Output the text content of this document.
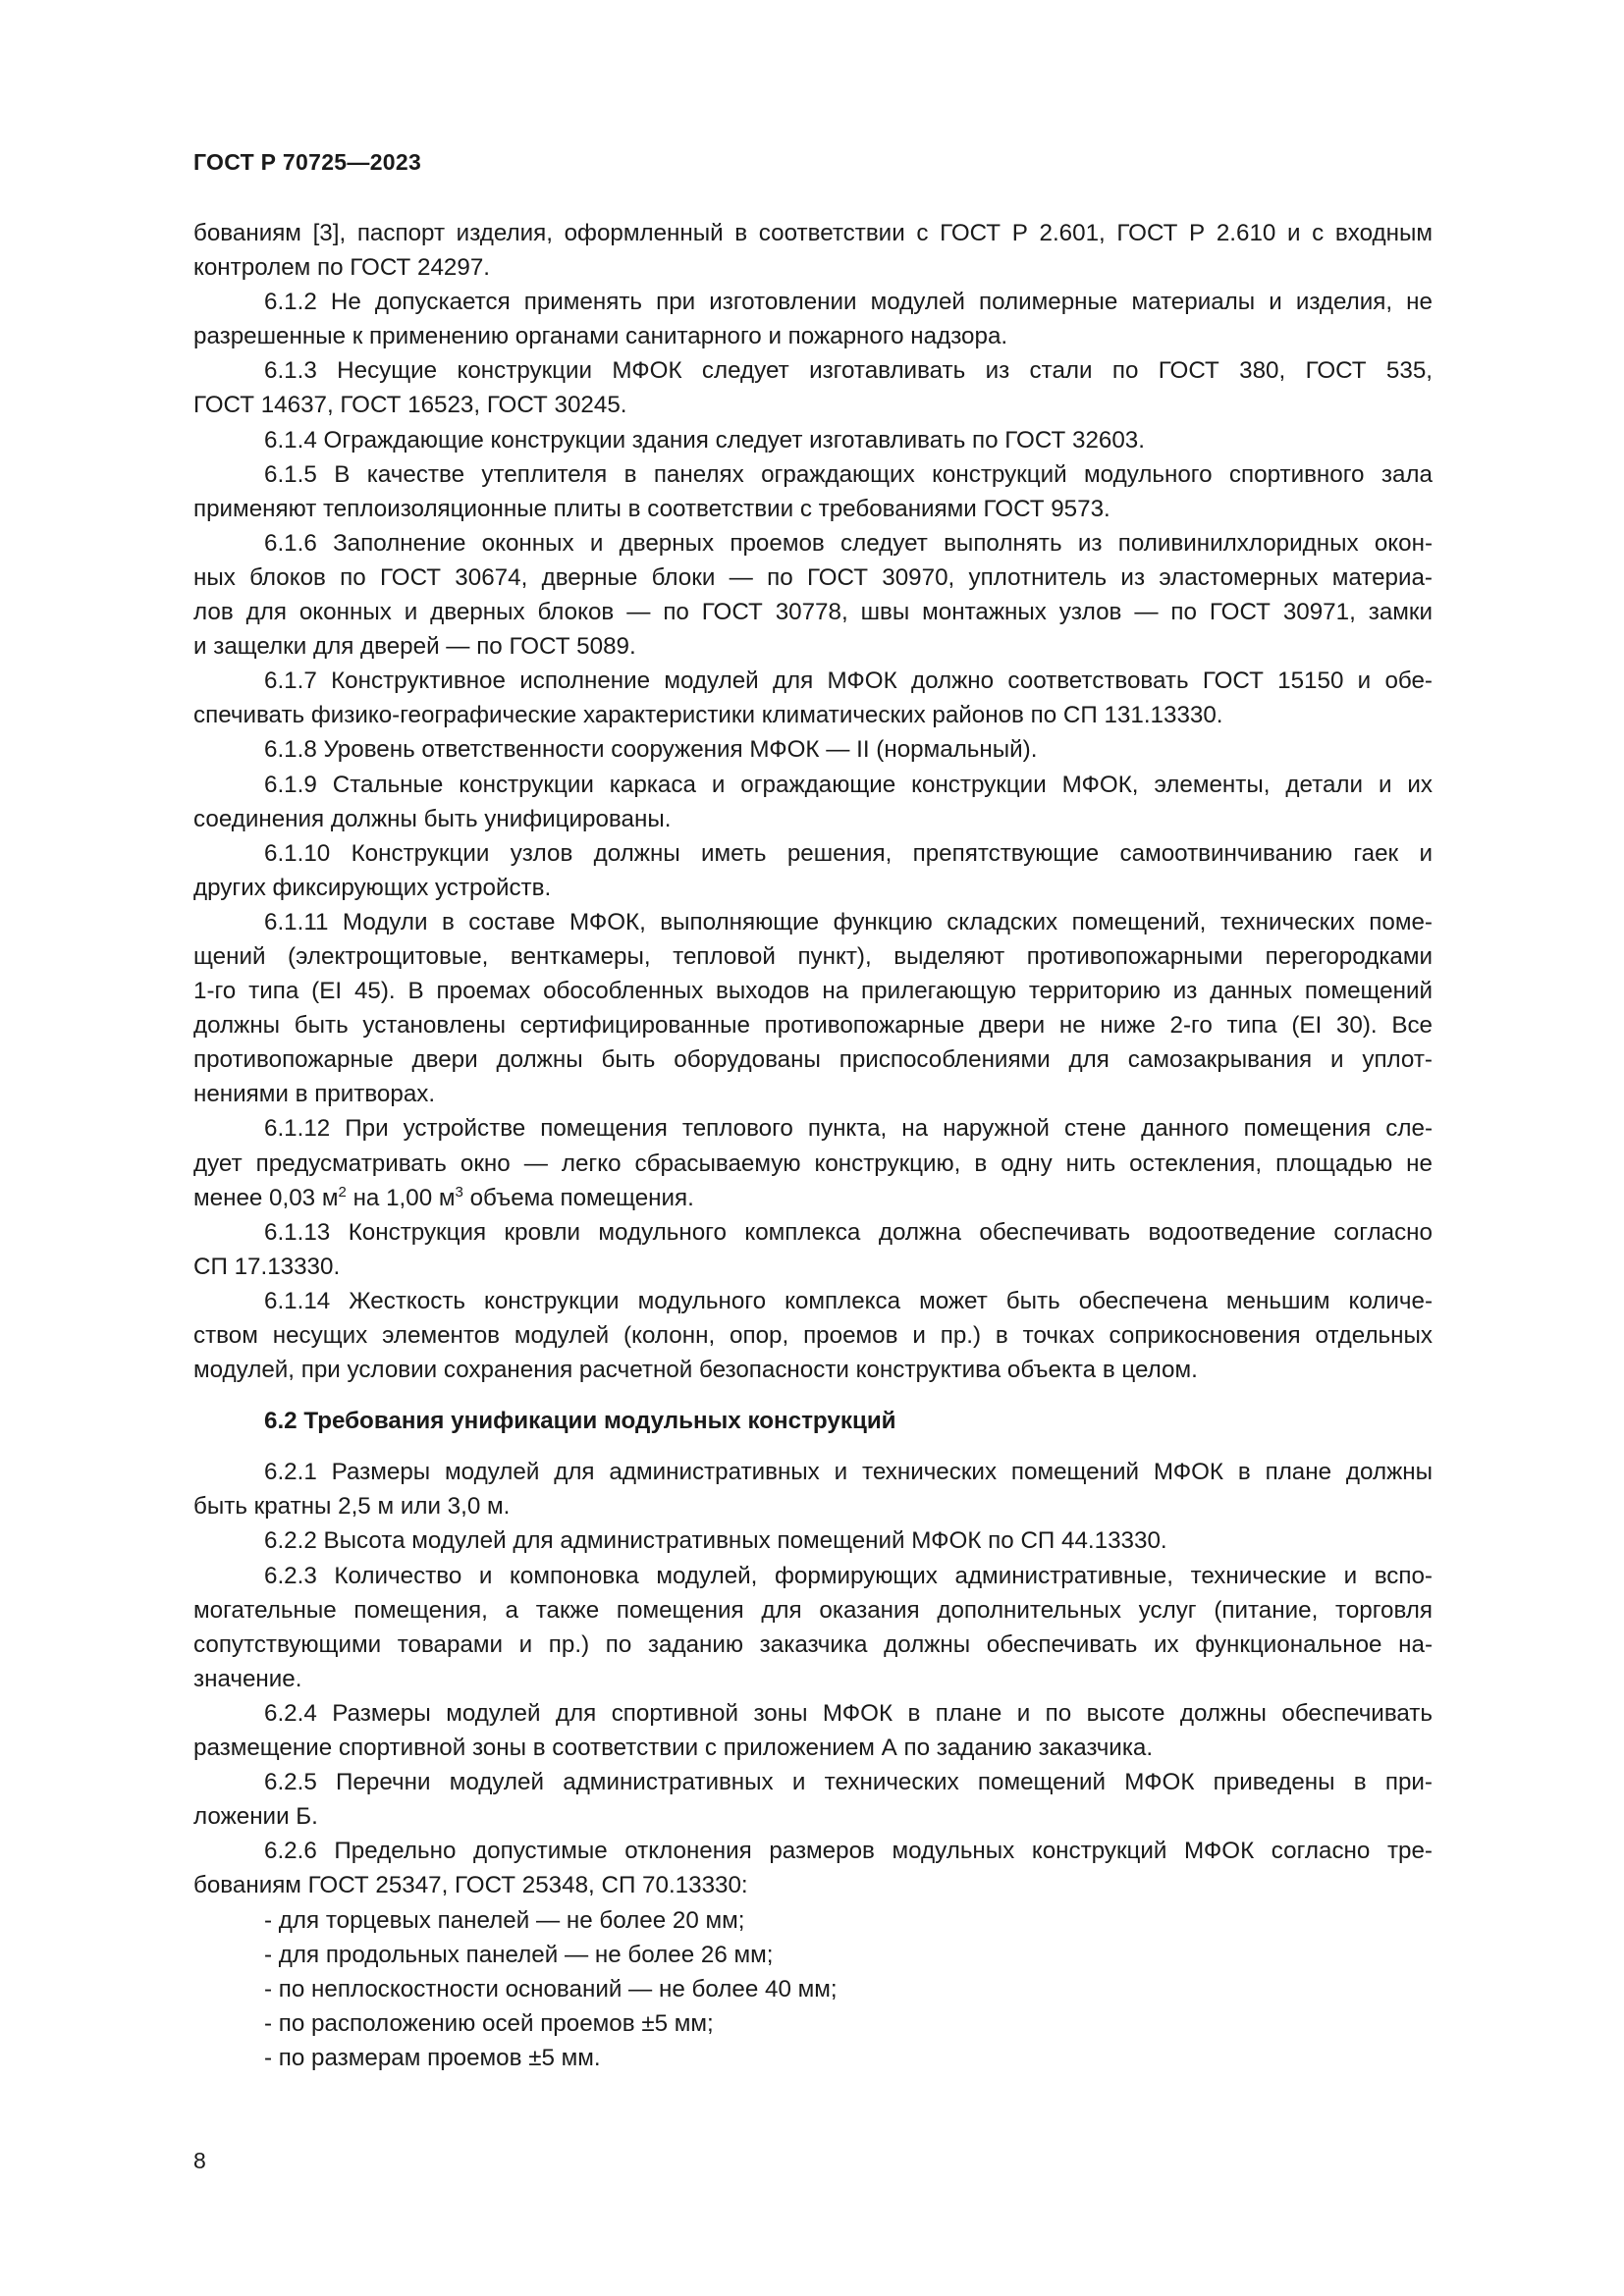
ГОСТ Р 70725—2023
бованиям [3], паспорт изделия, оформленный в соответствии с ГОСТ Р 2.601, ГОСТ Р 2.610 и с входным
контролем по ГОСТ 24297.
6.1.2 Не допускается применять при изготовлении модулей полимерные материалы и изделия, не
разрешенные к применению органами санитарного и пожарного надзора.
6.1.3 Несущие конструкции МФОК следует изготавливать из стали по ГОСТ 380, ГОСТ 535,
ГОСТ 14637, ГОСТ 16523, ГОСТ 30245.
6.1.4 Ограждающие конструкции здания следует изготавливать по ГОСТ 32603.
6.1.5 В качестве утеплителя в панелях ограждающих конструкций модульного спортивного зала
применяют теплоизоляционные плиты в соответствии с требованиями ГОСТ 9573.
6.1.6 Заполнение оконных и дверных проемов следует выполнять из поливинилхлоридных окон-
ных блоков по ГОСТ 30674, дверные блоки — по ГОСТ 30970, уплотнитель из эластомерных материа-
лов для оконных и дверных блоков — по ГОСТ 30778, швы монтажных узлов — по ГОСТ 30971, замки
и защелки для дверей — по ГОСТ 5089.
6.1.7 Конструктивное исполнение модулей для МФОК должно соответствовать ГОСТ 15150 и обе-
спечивать физико-географические характеристики климатических районов по СП 131.13330.
6.1.8 Уровень ответственности сооружения МФОК — II (нормальный).
6.1.9 Стальные конструкции каркаса и ограждающие конструкции МФОК, элементы, детали и их
соединения должны быть унифицированы.
6.1.10 Конструкции узлов должны иметь решения, препятствующие самоотвинчиванию гаек и
других фиксирующих устройств.
6.1.11 Модули в составе МФОК, выполняющие функцию складских помещений, технических поме-
щений (электрощитовые, венткамеры, тепловой пункт), выделяют противопожарными перегородками
1-го типа (EI 45). В проемах обособленных выходов на прилегающую территорию из данных помещений
должны быть установлены сертифицированные противопожарные двери не ниже 2-го типа (EI 30). Все
противопожарные двери должны быть оборудованы приспособлениями для самозакрывания и уплот-
нениями в притворах.
6.1.12 При устройстве помещения теплового пункта, на наружной стене данного помещения сле-
дует предусматривать окно — легко сбрасываемую конструкцию, в одну нить остекления, площадью не
менее 0,03 $м^2$ на 1,00 $м^3$ объема помещения.
6.1.13 Конструкция кровли модульного комплекса должна обеспечивать водоотведение согласно
СП 17.13330.
6.1.14 Жесткость конструкции модульного комплекса может быть обеспечена меньшим количе-
ством несущих элементов модулей (колонн, опор, проемов и пр.) в точках соприкосновения отдельных
модулей, при условии сохранения расчетной безопасности конструктива объекта в целом.
6.2 Требования унификации модульных конструкций
6.2.1 Размеры модулей для административных и технических помещений МФОК в плане должны
быть кратны 2,5 м или 3,0 м.
6.2.2 Высота модулей для административных помещений МФОК по СП 44.13330.
6.2.3 Количество и компоновка модулей, формирующих административные, технические и вспо-
могательные помещения, а также помещения для оказания дополнительных услуг (питание, торговля
сопутствующими товарами и пр.) по заданию заказчика должны обеспечивать их функциональное на-
значение.
6.2.4 Размеры модулей для спортивной зоны МФОК в плане и по высоте должны обеспечивать
размещение спортивной зоны в соответствии с приложением А по заданию заказчика.
6.2.5 Перечни модулей административных и технических помещений МФОК приведены в при-
ложении Б.
6.2.6 Предельно допустимые отклонения размеров модульных конструкций МФОК согласно тре-
бованиям ГОСТ 25347, ГОСТ 25348, СП 70.13330:
- для торцевых панелей — не более 20 мм;
- для продольных панелей — не более 26 мм;
- по неплоскостности оснований — не более 40 мм;
- по расположению осей проемов ±5 мм;
- по размерам проемов ±5 мм.
8
